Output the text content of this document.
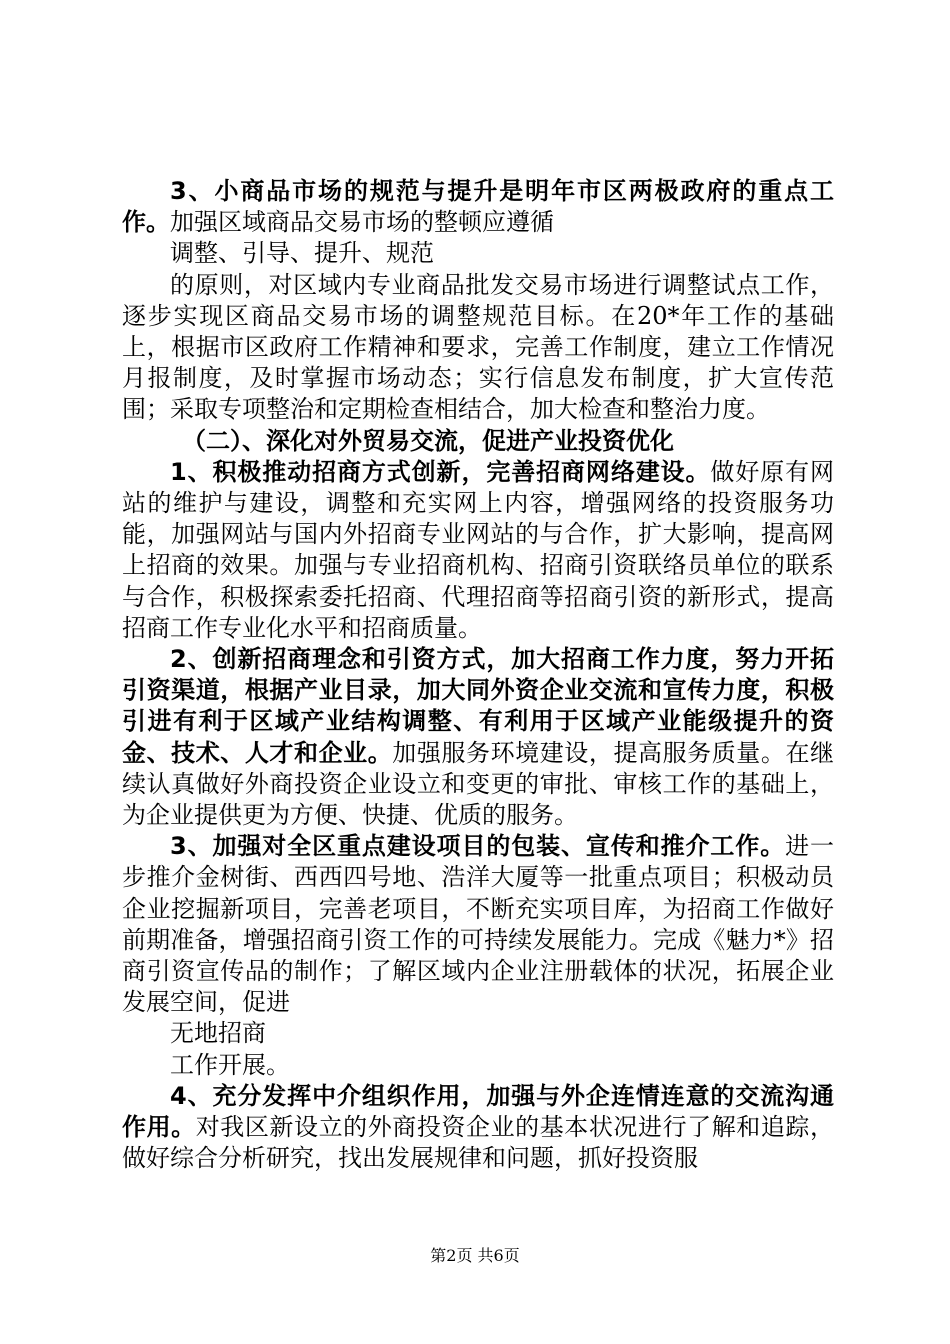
3、小商品市场的规范与提升是明年市区两极政府的重点工作。加强区域商品交易市场的整顿应遵循

调整、引导、提升、规范

的原则，对区域内专业商品批发交易市场进行调整试点工作，逐步实现区商品交易市场的调整规范目标。在20*年工作的基础上，根据市区政府工作精神和要求，完善工作制度，建立工作情况月报制度，及时掌握市场动态；实行信息发布制度，扩大宣传范围；采取专项整治和定期检查相结合，加大检查和整治力度。

（二）、深化对外贸易交流，促进产业投资优化

1、积极推动招商方式创新，完善招商网络建设。做好原有网站的维护与建设，调整和充实网上内容，增强网络的投资服务功能，加强网站与国内外招商专业网站的与合作，扩大影响，提高网上招商的效果。加强与专业招商机构、招商引资联络员单位的联系与合作，积极探索委托招商、代理招商等招商引资的新形式，提高招商工作专业化水平和招商质量。

2、创新招商理念和引资方式，加大招商工作力度，努力开拓引资渠道，根据产业目录，加大同外资企业交流和宣传力度，积极引进有利于区域产业结构调整、有利用于区域产业能级提升的资金、技术、人才和企业。加强服务环境建设，提高服务质量。在继续认真做好外商投资企业设立和变更的审批、审核工作的基础上，为企业提供更为方便、快捷、优质的服务。

3、加强对全区重点建设项目的包装、宣传和推介工作。进一步推介金树街、西西四号地、浩洋大厦等一批重点项目；积极动员企业挖掘新项目，完善老项目，不断充实项目库，为招商工作做好前期准备，增强招商引资工作的可持续发展能力。完成《魅力*》招商引资宣传品的制作；了解区域内企业注册载体的状况，拓展企业发展空间，促进

无地招商

工作开展。

4、充分发挥中介组织作用，加强与外企连情连意的交流沟通作用。对我区新设立的外商投资企业的基本状况进行了解和追踪，做好综合分析研究，找出发展规律和问题，抓好投资服

第2页 共6页
